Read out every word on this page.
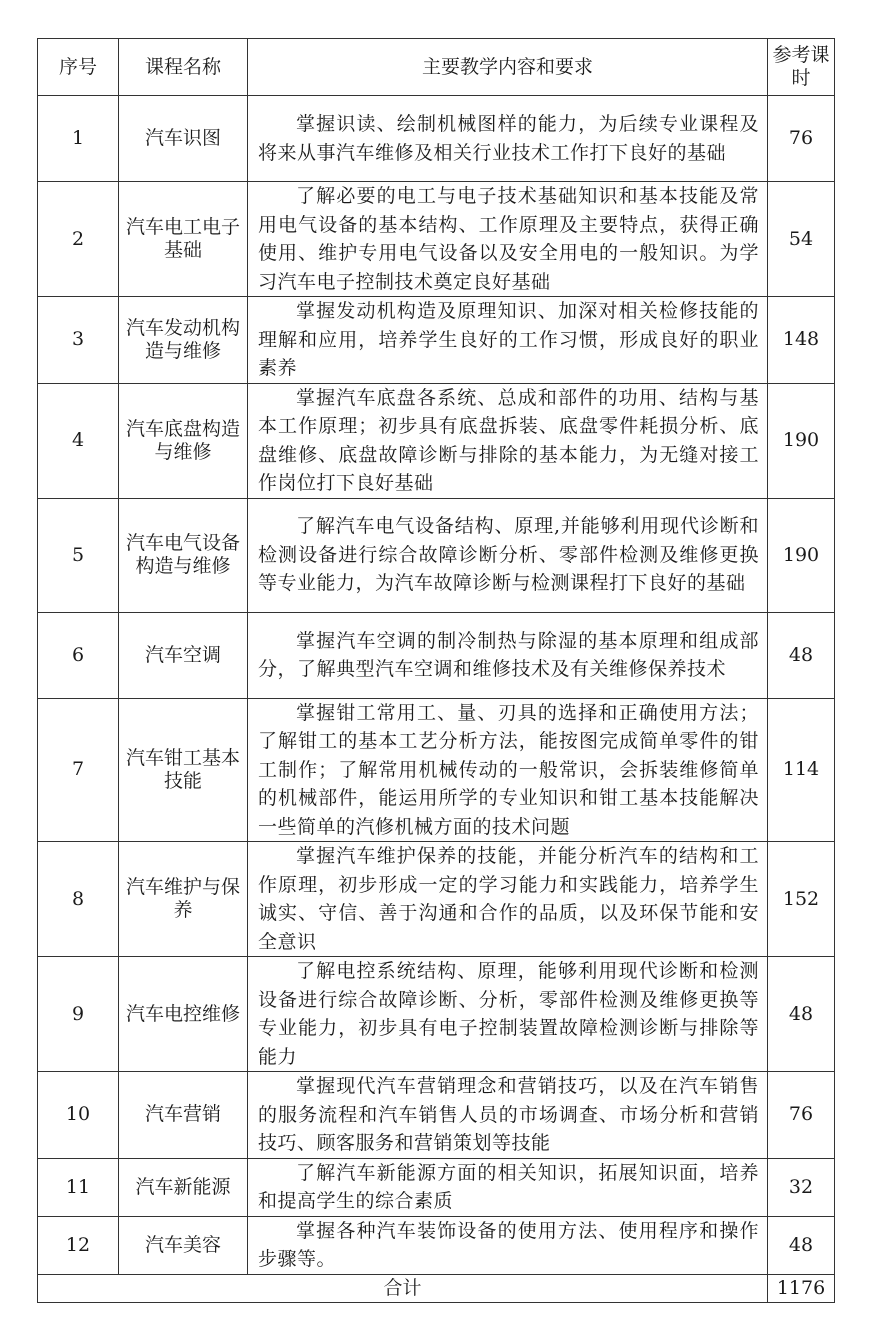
序号	课程名称	主要教学内容和要求	参考课时
1	汽车识图	掌握识读、绘制机械图样的能力，为后续专业课程及将来从事汽车维修及相关行业技术工作打下良好的基础	76
2	汽车电工电子基础	了解必要的电工与电子技术基础知识和基本技能及常用电气设备的基本结构、工作原理及主要特点，获得正确使用、维护专用电气设备以及安全用电的一般知识。为学习汽车电子控制技术奠定良好基础	54
3	汽车发动机构造与维修	掌握发动机构造及原理知识、加深对相关检修技能的理解和应用，培养学生良好的工作习惯，形成良好的职业素养	148
4	汽车底盘构造与维修	掌握汽车底盘各系统、总成和部件的功用、结构与基本工作原理；初步具有底盘拆装、底盘零件耗损分析、底盘维修、底盘故障诊断与排除的基本能力，为无缝对接工作岗位打下良好基础	190
5	汽车电气设备构造与维修	了解汽车电气设备结构、原理,并能够利用现代诊断和检测设备进行综合故障诊断分析、零部件检测及维修更换等专业能力，为汽车故障诊断与检测课程打下良好的基础	190
6	汽车空调	掌握汽车空调的制冷制热与除湿的基本原理和组成部分，了解典型汽车空调和维修技术及有关维修保养技术	48
7	汽车钳工基本技能	掌握钳工常用工、量、刃具的选择和正确使用方法；了解钳工的基本工艺分析方法，能按图完成简单零件的钳工制作；了解常用机械传动的一般常识，会拆装维修简单的机械部件，能运用所学的专业知识和钳工基本技能解决一些简单的汽修机械方面的技术问题	114
8	汽车维护与保养	掌握汽车维护保养的技能，并能分析汽车的结构和工作原理，初步形成一定的学习能力和实践能力，培养学生诚实、守信、善于沟通和合作的品质，以及环保节能和安全意识	152
9	汽车电控维修	了解电控系统结构、原理，能够利用现代诊断和检测设备进行综合故障诊断、分析，零部件检测及维修更换等专业能力，初步具有电子控制装置故障检测诊断与排除等能力	48
10	汽车营销	掌握现代汽车营销理念和营销技巧，以及在汽车销售的服务流程和汽车销售人员的市场调查、市场分析和营销技巧、顾客服务和营销策划等技能	76
11	汽车新能源	了解汽车新能源方面的相关知识，拓展知识面，培养和提高学生的综合素质	32
12	汽车美容	掌握各种汽车装饰设备的使用方法、使用程序和操作步骤等。	48
合计			1176
